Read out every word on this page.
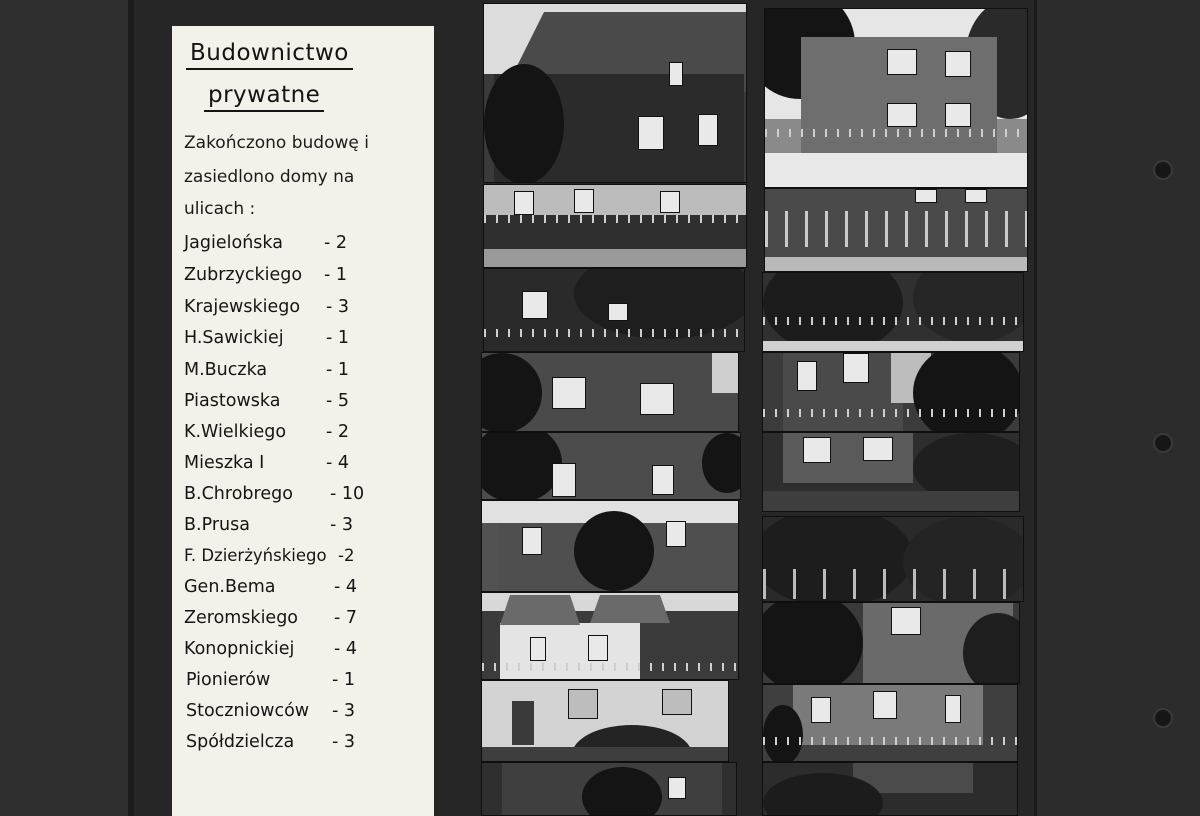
Budownictwo
prywatne
Zakończono budowę i
zasiedlono domy na
ulicach :
Jagielońska - 2
Zubrzyckiego - 1
Krajewskiego - 3
H.Sawickiej - 1
M.Buczka	- 1
Piastowska	- 5
K.Wielkiego - 2
Mieszka I	- 4
B.Chrobrego - 10
B.Prusa	- 3
F. Dzierżyńskiego -2
Gen.Bema	- 4
Zeromskiego - 7
Konopnickiej - 4
Pionierów	- 1
Stoczniowców - 3
Spółdzielcza - 3
